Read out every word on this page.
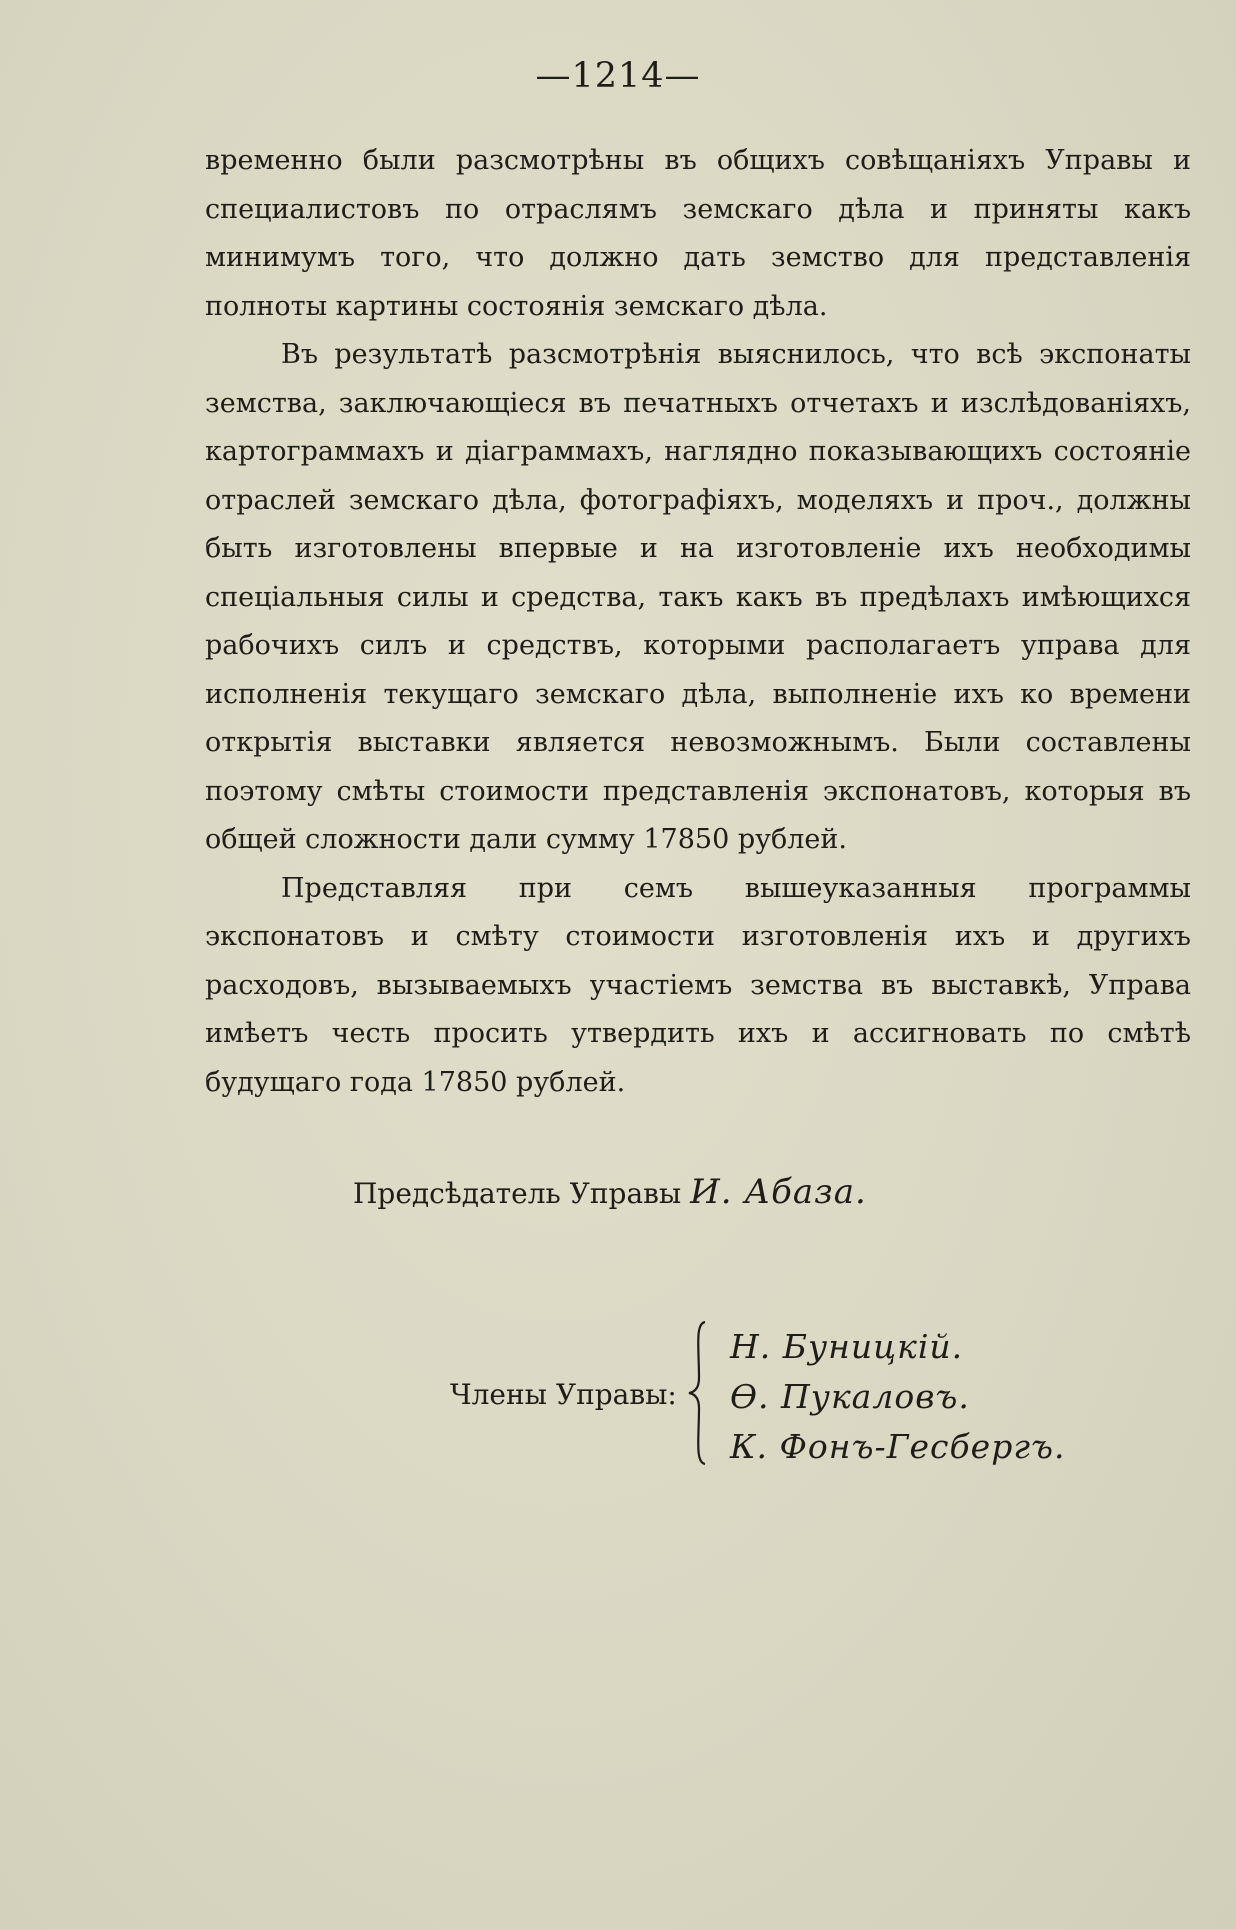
—1214—

временно были разсмотрѣны въ общихъ совѣщаніяхъ Управы и специалистовъ по отраслямъ земскаго дѣла и приняты какъ минимумъ того, что должно дать земство для представленія полноты картины состоянія земскаго дѣла.

Въ результатѣ разсмотрѣнія выяснилось, что всѣ экспонаты земства, заключающіеся въ печатныхъ отчетахъ и изслѣдованіяхъ, картограммахъ и діаграммахъ, наглядно показывающихъ состояніе отраслей земскаго дѣла, фотографіяхъ, моделяхъ и проч., должны быть изготовлены впервые и на изготовленіе ихъ необходимы спеціальныя силы и средства, такъ какъ въ предѣлахъ имѣющихся рабочихъ силъ и средствъ, которыми располагаетъ управа для исполненія текущаго земскаго дѣла, выполненіе ихъ ко времени открытія выставки является невозможнымъ. Были составлены поэтому смѣты стоимости представленія экспонатовъ, которыя въ общей сложности дали сумму 17850 рублей.

Представляя при семъ вышеуказанныя программы экспонатовъ и смѣту стоимости изготовленія ихъ и другихъ расходовъ, вызываемыхъ участіемъ земства въ выставкѣ, Управа имѣетъ честь просить утвердить ихъ и ассигновать по смѣтѣ будущаго года 17850 рублей.

Предсѣдатель Управы И. Абаза.
Члены Управы:
Н. Буницкій.
Ѳ. Пукаловъ.
К. Фонъ-Гесбергъ.
